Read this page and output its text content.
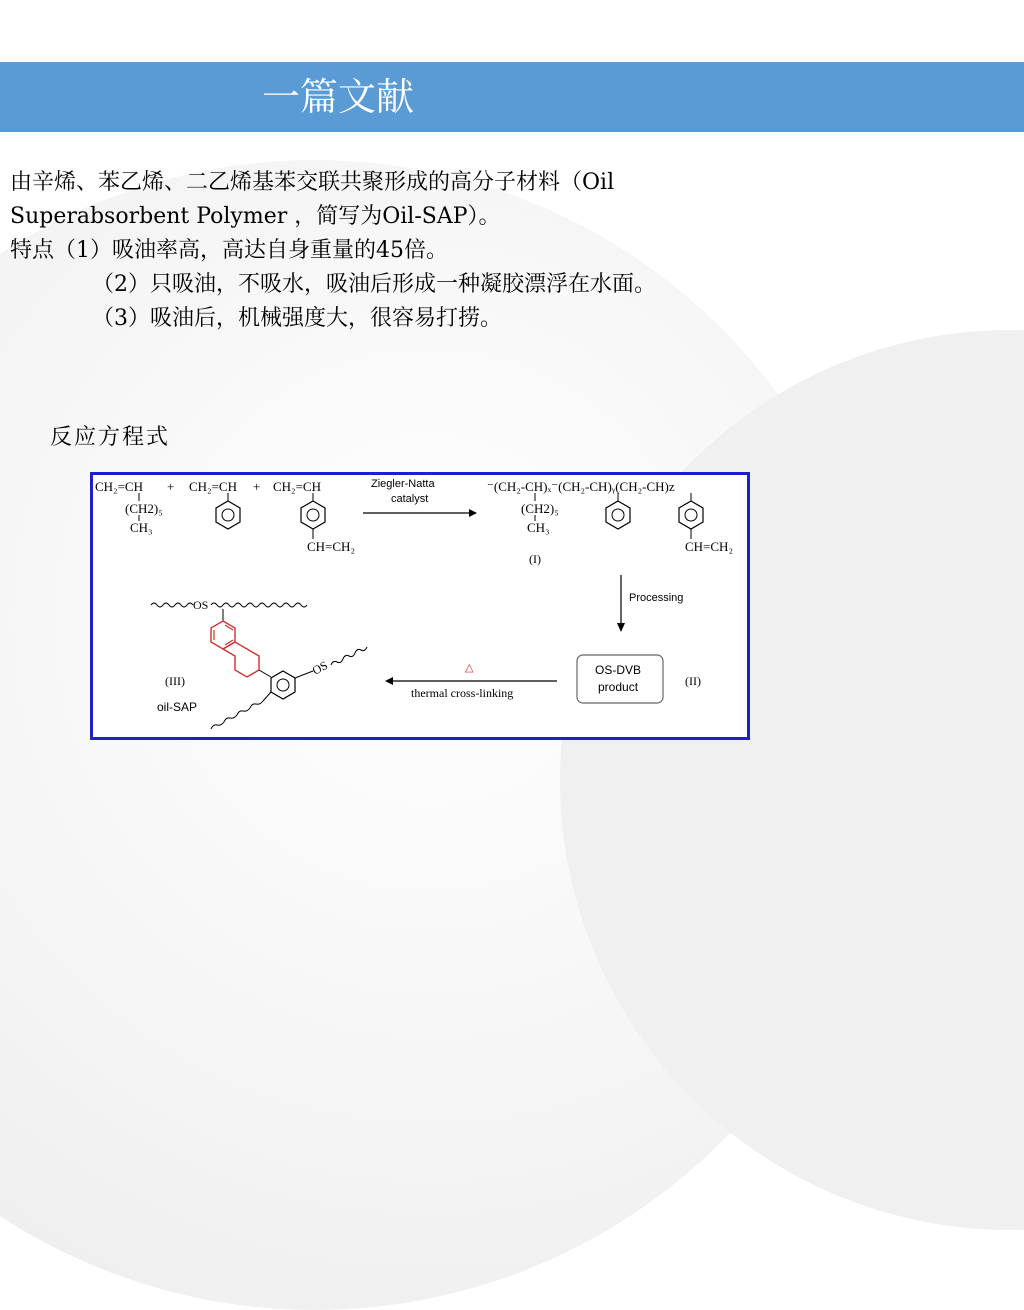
一篇文献

由辛烯、苯乙烯、二乙烯基苯交联共聚形成的高分子材料（Oil

Superabsorbent Polymer ，简写为Oil-SAP）。

特点（1）吸油率高，高达自身重量的45倍。

（2）只吸油，不吸水，吸油后形成一种凝胶漂浮在水面。

（3）吸油后，机械强度大，很容易打捞。

反应方程式
CH₂=CH
(CH2)₅
CH₃
+ CH₂=CH + CH₂=CH
CH=CH₂
Ziegler-Natta
catalyst
⁻(CH₂-CH)ₓ⁻(CH₂-CH)ᵧ(CH₂-CH)z
(CH2)₅
CH₃
(I)
CH=CH₂
Processing
OS-DVB
product	(II)
△
thermal cross-linking
OS
OS
(III)
oil-SAP
